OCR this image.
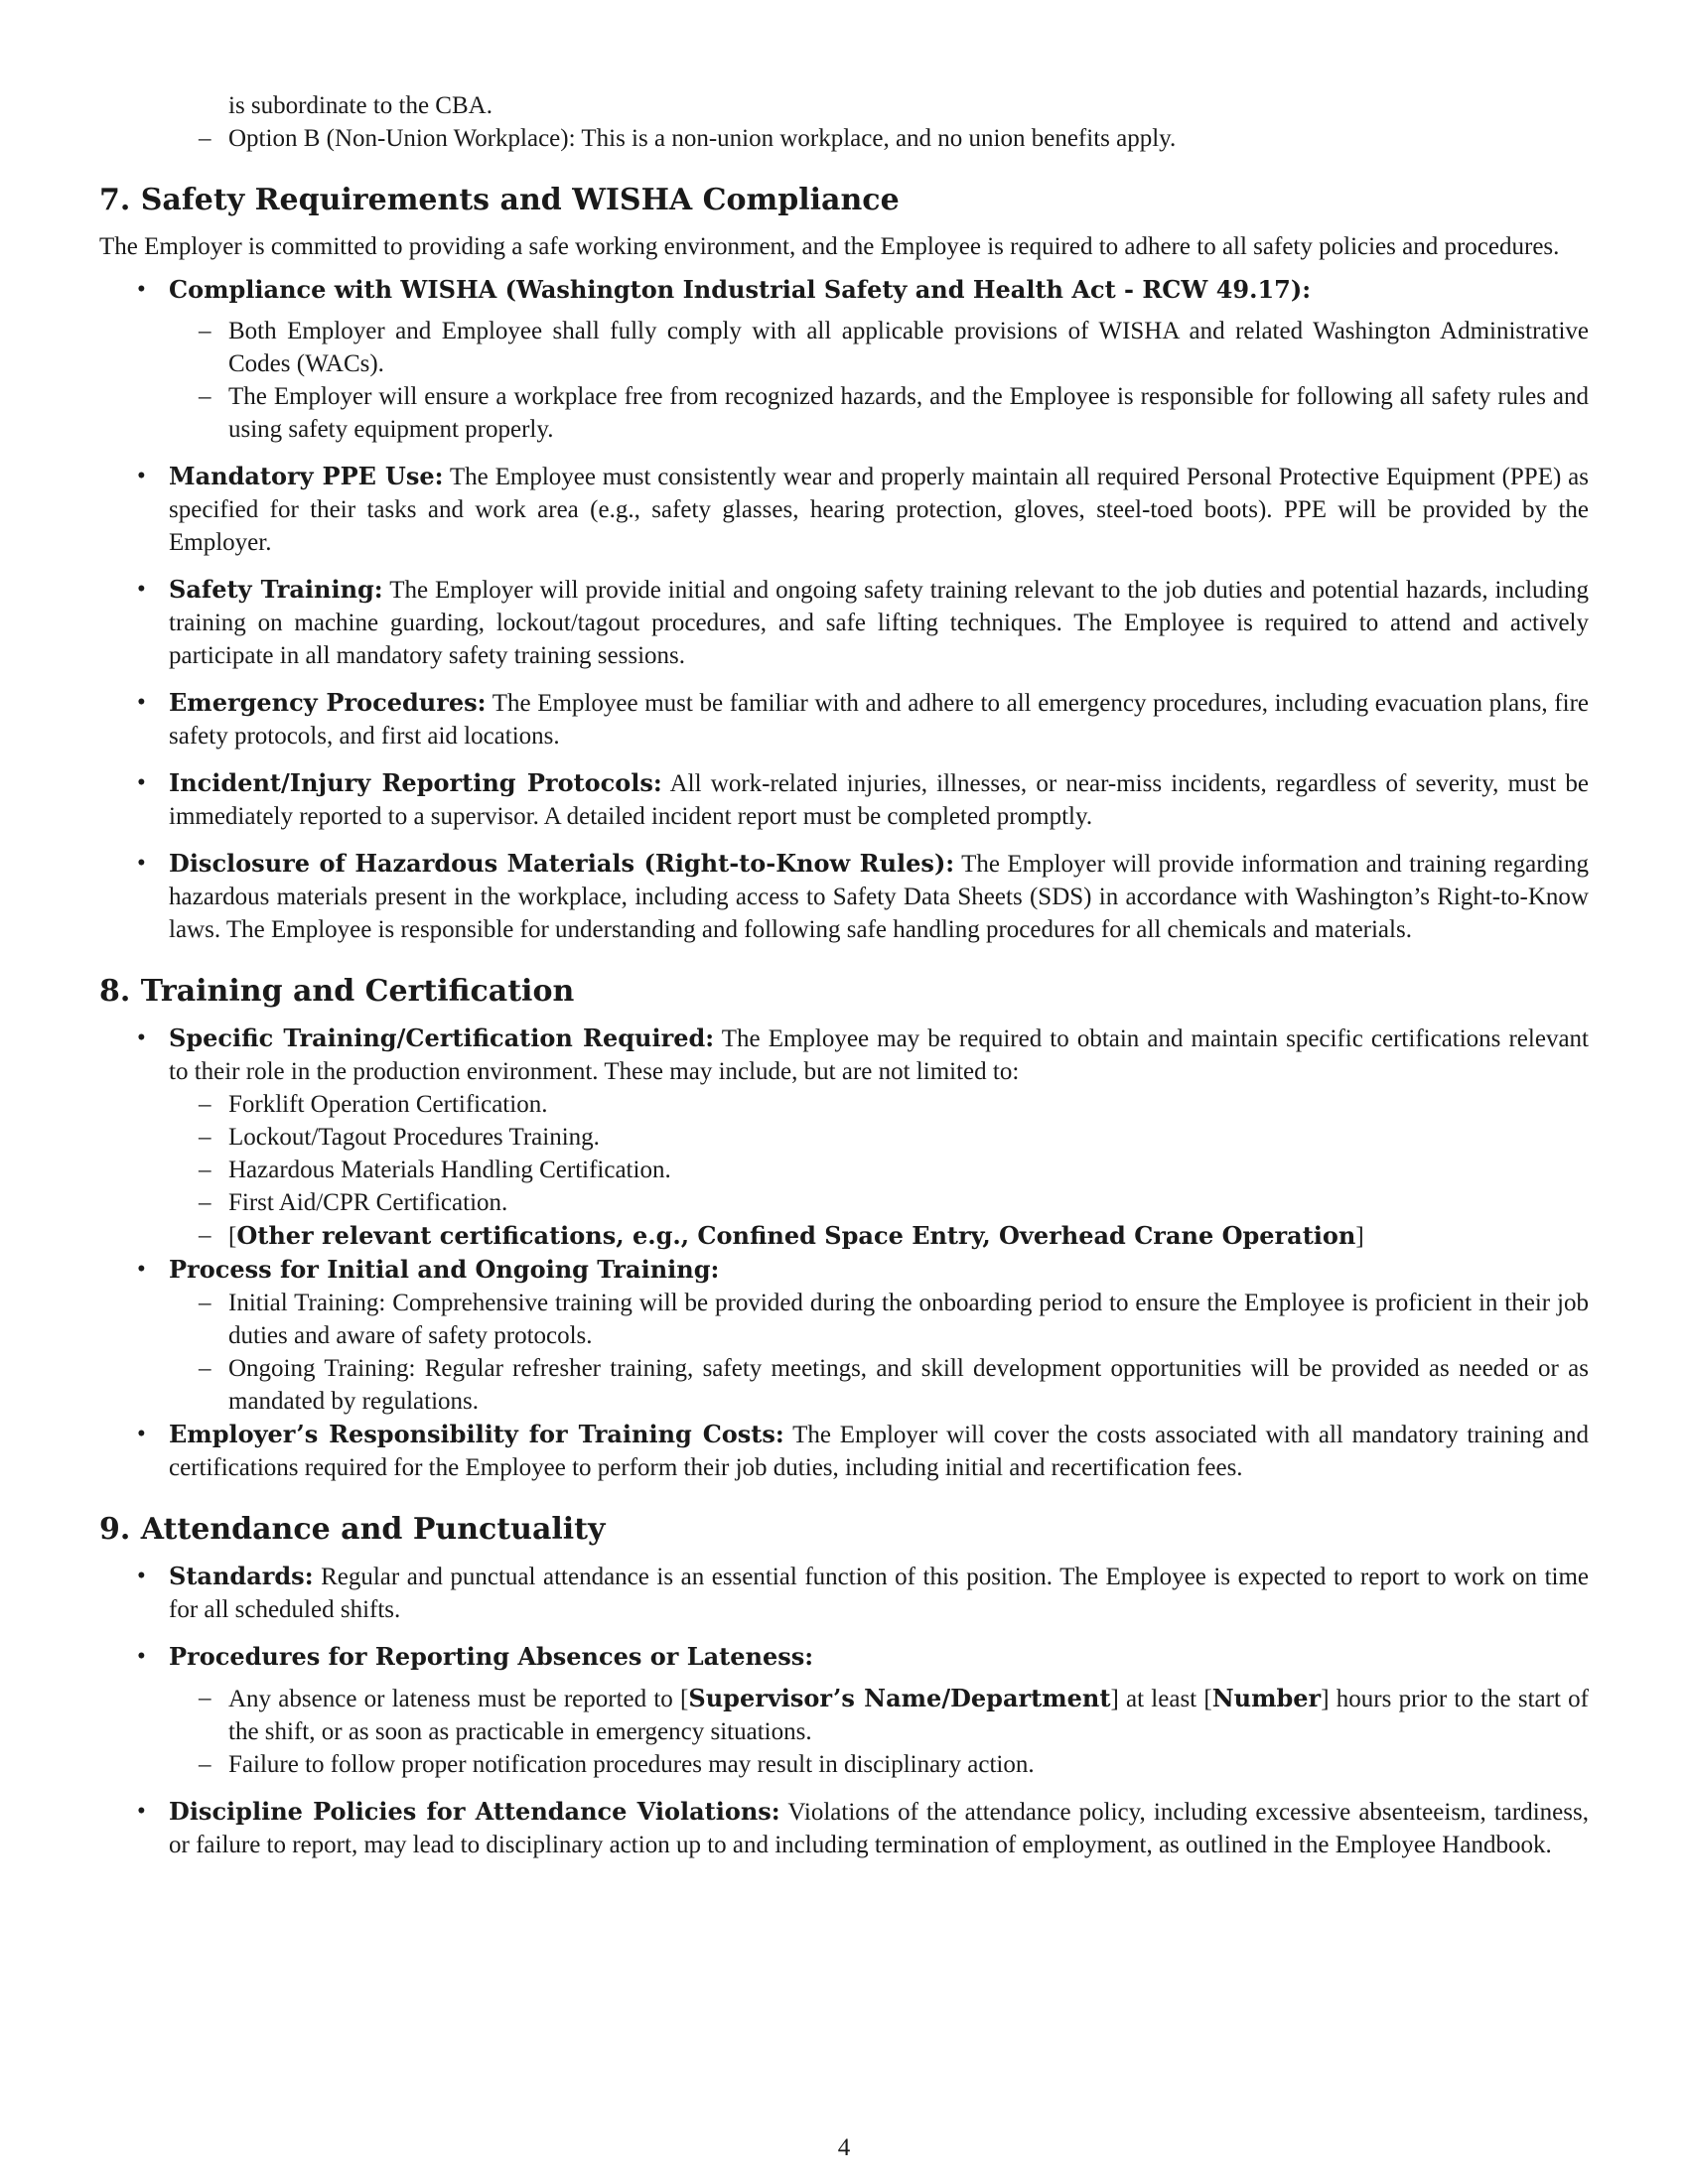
is subordinate to the CBA.
– Option B (Non-Union Workplace): This is a non-union workplace, and no union benefits apply.
7. Safety Requirements and WISHA Compliance

The Employer is committed to providing a safe working environment, and the Employee is required to adhere to all safety policies and procedures.

• Compliance with WISHA (Washington Industrial Safety and Health Act - RCW 49.17):
– Both Employer and Employee shall fully comply with all applicable provisions of WISHA and related Washington Administrative Codes (WACs).
– The Employer will ensure a workplace free from recognized hazards, and the Employee is responsible for following all safety rules and using safety equipment properly.
• Mandatory PPE Use: The Employee must consistently wear and properly maintain all required Personal Protective Equipment (PPE) as specified for their tasks and work area (e.g., safety glasses, hearing protection, gloves, steel-toed boots). PPE will be provided by the Employer.
• Safety Training: The Employer will provide initial and ongoing safety training relevant to the job duties and potential hazards, including training on machine guarding, lockout/tagout procedures, and safe lifting techniques. The Employee is required to attend and actively participate in all mandatory safety training sessions.
• Emergency Procedures: The Employee must be familiar with and adhere to all emergency procedures, including evacuation plans, fire safety protocols, and first aid locations.
• Incident/Injury Reporting Protocols: All work-related injuries, illnesses, or near-miss incidents, regardless of severity, must be immediately reported to a supervisor. A detailed incident report must be completed promptly.
• Disclosure of Hazardous Materials (Right-to-Know Rules): The Employer will provide information and training regarding hazardous materials present in the workplace, including access to Safety Data Sheets (SDS) in accordance with Washington’s Right-to-Know laws. The Employee is responsible for understanding and following safe handling procedures for all chemicals and materials.
8. Training and Certification
• Specific Training/Certification Required: The Employee may be required to obtain and maintain specific certifications relevant to their role in the production environment. These may include, but are not limited to:
– Forklift Operation Certification.
– Lockout/Tagout Procedures Training.
– Hazardous Materials Handling Certification.
– First Aid/CPR Certification.
– [Other relevant certifications, e.g., Confined Space Entry, Overhead Crane Operation]
• Process for Initial and Ongoing Training:
– Initial Training: Comprehensive training will be provided during the onboarding period to ensure the Employee is proficient in their job duties and aware of safety protocols.
– Ongoing Training: Regular refresher training, safety meetings, and skill development opportunities will be provided as needed or as mandated by regulations.
• Employer’s Responsibility for Training Costs: The Employer will cover the costs associated with all mandatory training and certifications required for the Employee to perform their job duties, including initial and recertification fees.
9. Attendance and Punctuality
• Standards: Regular and punctual attendance is an essential function of this position. The Employee is expected to report to work on time for all scheduled shifts.
• Procedures for Reporting Absences or Lateness:
– Any absence or lateness must be reported to [Supervisor’s Name/Department] at least [Number] hours prior to the start of the shift, or as soon as practicable in emergency situations.
– Failure to follow proper notification procedures may result in disciplinary action.
• Discipline Policies for Attendance Violations: Violations of the attendance policy, including excessive absenteeism, tardiness, or failure to report, may lead to disciplinary action up to and including termination of employment, as outlined in the Employee Handbook.
4
